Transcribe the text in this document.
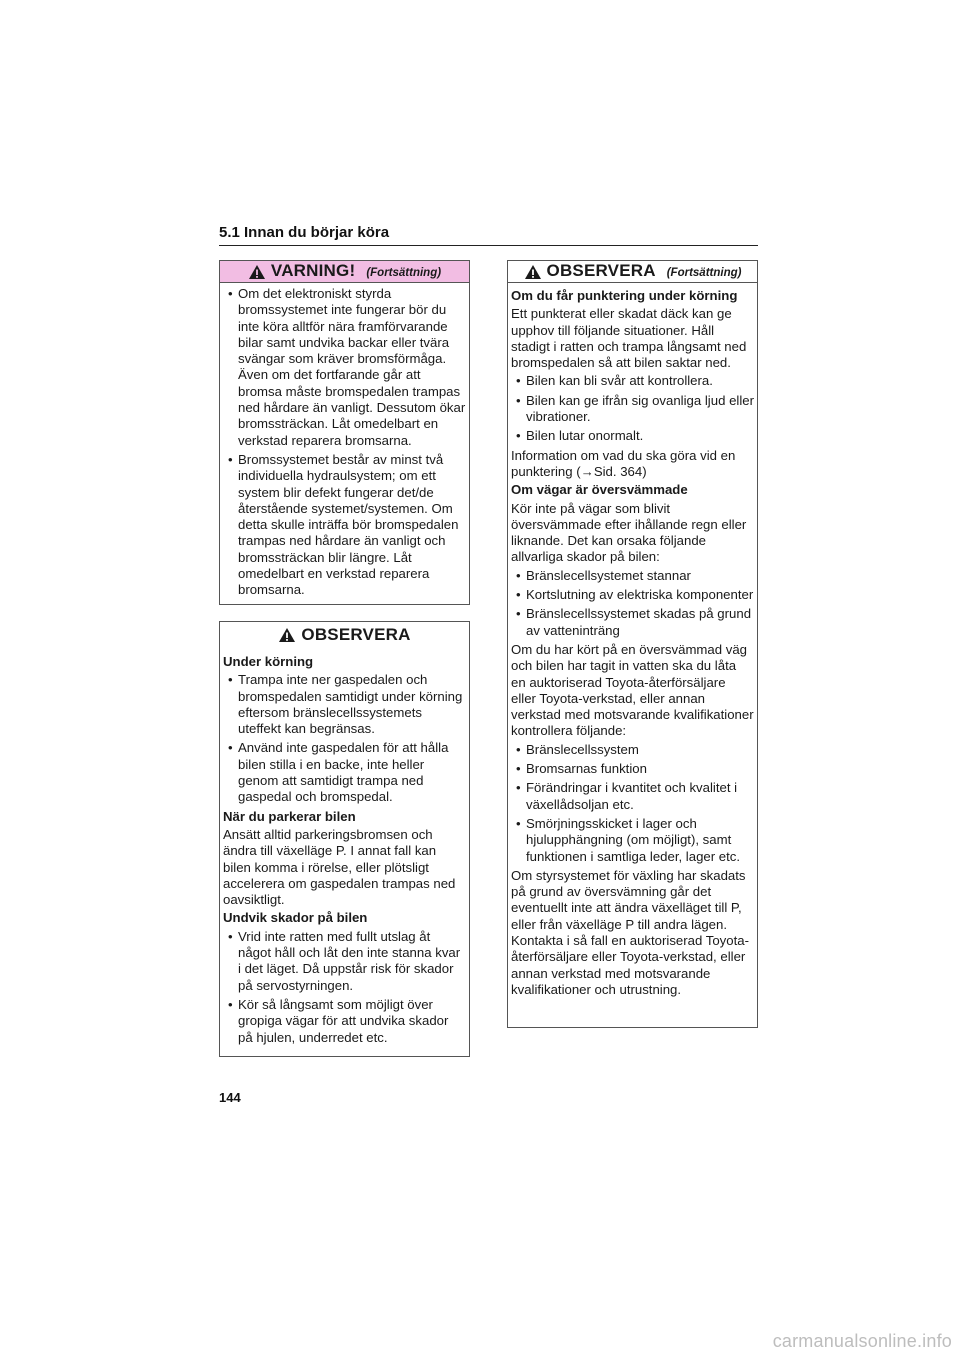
5.1 Innan du börjar köra
VARNING! (Fortsättning)
• Om det elektroniskt styrda bromssystemet inte fungerar bör du inte köra alltför nära framförvarande bilar samt undvika backar eller tvära svängar som kräver bromsförmåga. Även om det fortfarande går att bromsa måste bromspedalen trampas ned hårdare än vanligt. Dessutom ökar bromssträckan. Låt omedelbart en verkstad reparera bromsarna.
• Bromssystemet består av minst två individuella hydraulsystem; om ett system blir defekt fungerar det/de återstående systemet/systemen. Om detta skulle inträffa bör bromspedalen trampas ned hårdare än vanligt och bromssträckan blir längre. Låt omedelbart en verkstad reparera bromsarna.
OBSERVERA

Under körning

• Trampa inte ner gaspedalen och bromspedalen samtidigt under körning eftersom bränslecellssystemets uteffekt kan begränsas.
• Använd inte gaspedalen för att hålla bilen stilla i en backe, inte heller genom att samtidigt trampa ned gaspedal och bromspedal.

När du parkerar bilen

Ansätt alltid parkeringsbromsen och ändra till växelläge P. I annat fall kan bilen komma i rörelse, eller plötsligt accelerera om gaspedalen trampas ned oavsiktligt.

Undvik skador på bilen

• Vrid inte ratten med fullt utslag åt något håll och låt den inte stanna kvar i det läget. Då uppstår risk för skador på servostyrningen.
• Kör så långsamt som möjligt över gropiga vägar för att undvika skador på hjulen, underredet etc.
OBSERVERA (Fortsättning)

Om du får punktering under körning

Ett punkterat eller skadat däck kan ge upphov till följande situationer. Håll stadigt i ratten och trampa långsamt ned bromspedalen så att bilen saktar ned.

• Bilen kan bli svår att kontrollera.
• Bilen kan ge ifrån sig ovanliga ljud eller vibrationer.
• Bilen lutar onormalt.

Information om vad du ska göra vid en punktering (→Sid. 364)

Om vägar är översvämmade

Kör inte på vägar som blivit översvämmade efter ihållande regn eller liknande. Det kan orsaka följande allvarliga skador på bilen:

• Bränslecellsystemet stannar
• Kortslutning av elektriska komponenter
• Bränslecellssystemet skadas på grund av vatteninträng

Om du har kört på en översvämmad väg och bilen har tagit in vatten ska du låta en auktoriserad Toyota-återförsäljare eller Toyota-verkstad, eller annan verkstad med motsvarande kvalifikationer kontrollera följande:

• Bränslecellssystem
• Bromsarnas funktion
• Förändringar i kvantitet och kvalitet i växellådsoljan etc.
• Smörjningsskicket i lager och hjulupphängning (om möjligt), samt funktionen i samtliga leder, lager etc.

Om styrsystemet för växling har skadats på grund av översvämning går det eventuellt inte att ändra växelläget till P, eller från växelläge P till andra lägen. Kontakta i så fall en auktoriserad Toyota-återförsäljare eller Toyota-verkstad, eller annan verkstad med motsvarande kvalifikationer och utrustning.

144
carmanualsonline.info
